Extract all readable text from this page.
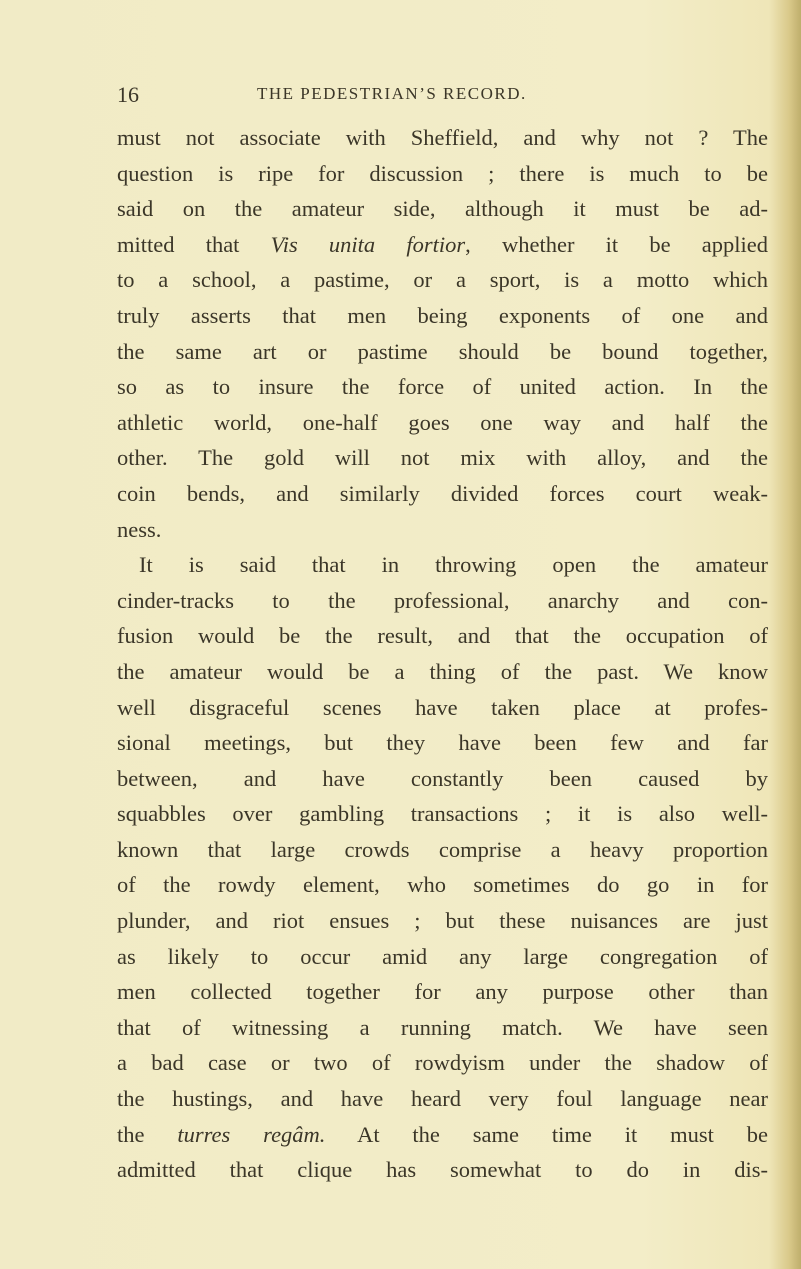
16	THE PEDESTRIAN’S RECORD.
must not associate with Sheffield, and why not ? The
question is ripe for discussion ; there is much to be
said on the amateur side, although it must be ad-
mitted that Vis unita fortior, whether it be applied
to a school, a pastime, or a sport, is a motto which
truly asserts that men being exponents of one and
the same art or pastime should be bound together,
so as to insure the force of united action. In the
athletic world, one-half goes one way and half the
other. The gold will not mix with alloy, and the
coin bends, and similarly divided forces court weak-
ness.
It is said that in throwing open the amateur
cinder-tracks to the professional, anarchy and con-
fusion would be the result, and that the occupation of
the amateur would be a thing of the past. We know
well disgraceful scenes have taken place at profes-
sional meetings, but they have been few and far
between, and have constantly been caused by
squabbles over gambling transactions ; it is also well-
known that large crowds comprise a heavy proportion
of the rowdy element, who sometimes do go in for
plunder, and riot ensues ; but these nuisances are just
as likely to occur amid any large congregation of
men collected together for any purpose other than
that of witnessing a running match. We have seen
a bad case or two of rowdyism under the shadow of
the hustings, and have heard very foul language near
the turres regâm. At the same time it must be
admitted that clique has somewhat to do in dis-
